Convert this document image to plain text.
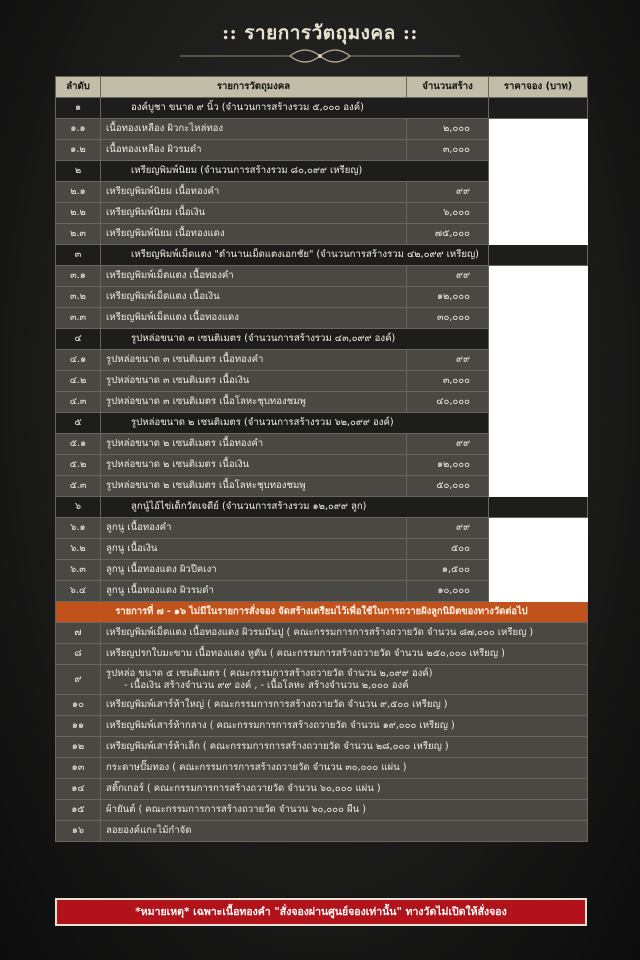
:: รายการวัตถุมงคล ::
ลำดับ	รายการวัตถุมงคล	จำนวนสร้าง	ราคาจอง (บาท)
๑	องค์บูชา ขนาด ๙ นิ้ว (จำนวนการสร้างรวม ๕,๐๐๐ องค์)		
๑.๑	เนื้อทองเหลือง ผิวกะไหล่ทอง	๒,๐๐๐	
๑.๒	เนื้อทองเหลือง ผิวรมดำ	๓,๐๐๐	
๒	เหรียญพิมพ์นิยม (จำนวนการสร้างรวม ๘๐,๐๙๙ เหรียญ)		
๒.๑	เหรียญพิมพ์นิยม เนื้อทองคำ	๙๙	
๒.๒	เหรียญพิมพ์นิยม เนื้อเงิน	๖,๐๐๐	
๒.๓	เหรียญพิมพ์นิยม เนื้อทองแดง	๗๕,๐๐๐	
๓	เหรียญพิมพ์เม็ดแตง "ตำนานเม็ดแตงเอกชัย" (จำนวนการสร้างรวม ๔๒,๐๙๙ เหรียญ)		
๓.๑	เหรียญพิมพ์เม็ดแตง เนื้อทองคำ	๙๙	
๓.๒	เหรียญพิมพ์เม็ดแตง เนื้อเงิน	๑๒,๐๐๐	
๓.๓	เหรียญพิมพ์เม็ดแตง เนื้อทองแดง	๓๐,๐๐๐	
๔	รูปหล่อขนาด ๓ เซนติเมตร (จำนวนการสร้างรวม ๔๓,๐๙๙ องค์)		
๔.๑	รูปหล่อขนาด ๓ เซนติเมตร เนื้อทองคำ	๙๙	
๔.๒	รูปหล่อขนาด ๓ เซนติเมตร เนื้อเงิน	๓,๐๐๐	
๔.๓	รูปหล่อขนาด ๓ เซนติเมตร เนื้อโลหะชุบทองชมพู	๔๐,๐๐๐	
๕	รูปหล่อขนาด ๒ เซนติเมตร (จำนวนการสร้างรวม ๖๒,๐๙๙ องค์)		
๕.๑	รูปหล่อขนาด ๒ เซนติเมตร เนื้อทองคำ	๙๙	
๕.๒	รูปหล่อขนาด ๒ เซนติเมตร เนื้อเงิน	๑๒,๐๐๐	
๕.๓	รูปหล่อขนาด ๒ เซนติเมตร เนื้อโลหะชุบทองชมพู	๕๐,๐๐๐	
๖	ลูกนู๋ไอ้ไข่เด็กวัดเจดีย์ (จำนวนการสร้างรวม ๑๒,๐๙๙ ลูก)		
๖.๑	ลูกนู เนื้อทองคำ	๙๙	
๖.๒	ลูกนู เนื้อเงิน	๕๐๐	
๖.๓	ลูกนู เนื้อทองแดง ผิวปีคเงา	๑,๕๐๐	
๖.๔	ลูกนู เนื้อทองแดง ผิวรมดำ	๑๐,๐๐๐	
รายการที่ ๗ - ๑๖ ไม่มีในรายการสั่งจอง จัดสร้างเตรียมไว้เพื่อใช้ในการถวายฝังลูกนิมิตของทางวัดต่อไป			
๗	เหรียญพิมพ์เม็ดแตง เนื้อทองแดง ผิวรมมันปู ( คณะกรรมการการสร้างถวายวัด จำนวน ๘๗,๐๐๐ เหรียญ )		

๘	เหรียญปรกใบมะขาม เนื้อทองแดง หูตัน ( คณะกรรมการสร้างถวายวัด จำนวน ๒๕๐,๐๐๐ เหรียญ )		

๙	รูปหล่อ ขนาด ๕ เซนติเมตร ( คณะกรรมการสร้างถวายวัด จำนวน ๒,๐๙๙ องค์)
- เนื้อเงิน สร้างจำนวน ๙๙ องค์ , - เนื้อโลหะ สร้างจำนวน ๒,๐๐๐ องค์		

๑๐	เหรียญพิมพ์เสาร์ห้าใหญ่ ( คณะกรรมการการสร้างถวายวัด จำนวน ๙,๕๐๐ เหรียญ )		

๑๑	เหรียญพิมพ์เสาร์ห้ากลาง ( คณะกรรมการการสร้างถวายวัด จำนวน ๑๙,๐๐๐ เหรียญ )		

๑๒	เหรียญพิมพ์เสาร์ห้าเล็ก ( คณะกรรมการการสร้างถวายวัด จำนวน ๒๘,๐๐๐ เหรียญ )		

๑๓	กระดาษปั๊มทอง ( คณะกรรมการการสร้างถวายวัด จำนวน ๓๐,๐๐๐ แผ่น )		

๑๔	สติ๊กเกอร์ ( คณะกรรมการการสร้างถวายวัด จำนวน ๖๐,๐๐๐ แผ่น )		

๑๕	ผ้ายันต์ ( คณะกรรมการการสร้างถวายวัด จำนวน ๖๐,๐๐๐ ผืน )		

๑๖	ลอยองค์แกะไม้กำจัด		
*หมายเหตุ* เฉพาะเนื้อทองคำ "สั่งจองผ่านศูนย์จองเท่านั้น" ทางวัดไม่เปิดให้สั่งจอง
